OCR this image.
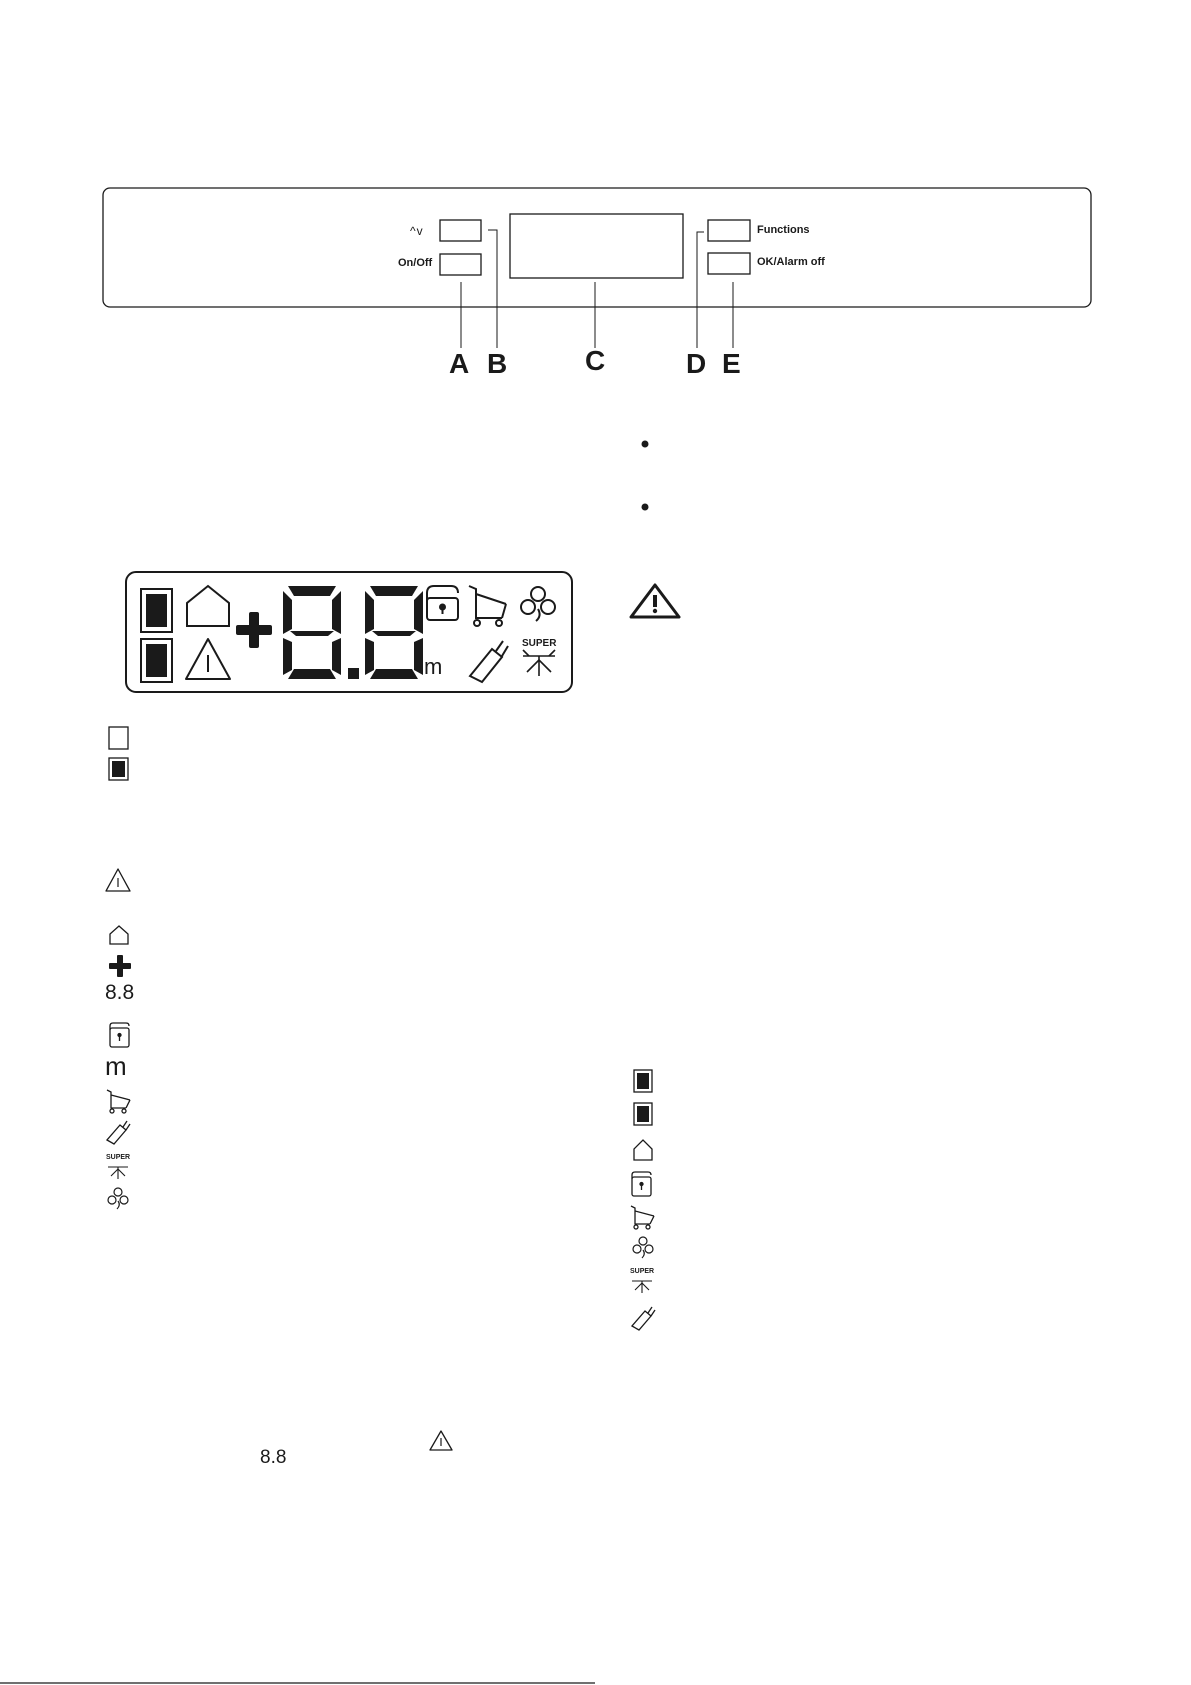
^v
On/Off
Functions
OK/Alarm off
A B	C	D E
m
SUPER
8.8
m
SUPER
SUPER
8.8
